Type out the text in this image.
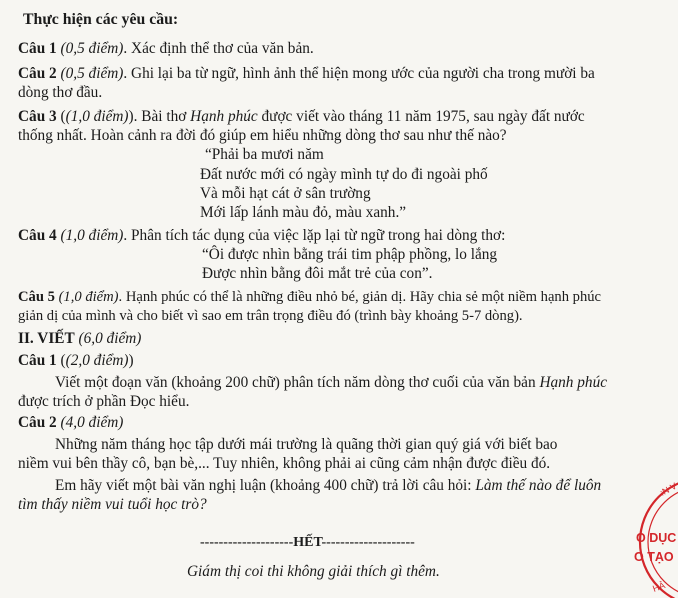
Thực hiện các yêu cầu:
Câu 1 (0,5 điểm). Xác định thể thơ của văn bản.
Câu 2 (0,5 điểm). Ghi lại ba từ ngữ, hình ảnh thể hiện mong ước của người cha trong mười ba
dòng thơ đầu.
Câu 3 ((1,0 điểm)). Bài thơ Hạnh phúc được viết vào tháng 11 năm 1975, sau ngày đất nước
thống nhất. Hoàn cảnh ra đời đó giúp em hiểu những dòng thơ sau như thế nào?
“Phải ba mươi năm
Đất nước mới có ngày mình tự do đi ngoài phố
Và mỗi hạt cát ở sân trường
Mới lấp lánh màu đỏ, màu xanh.”
Câu 4 (1,0 điểm). Phân tích tác dụng của việc lặp lại từ ngữ trong hai dòng thơ:
“Ôi được nhìn bằng trái tim phập phồng, lo lắng
Được nhìn bằng đôi mắt trẻ của con”.
Câu 5 (1,0 điểm). Hạnh phúc có thể là những điều nhỏ bé, giản dị. Hãy chia sẻ một niềm hạnh phúc
giản dị của mình và cho biết vì sao em trân trọng điều đó (trình bày khoảng 5-7 dòng).
II. VIẾT (6,0 điểm)
Câu 1 ((2,0 điểm))
Viết một đoạn văn (khoảng 200 chữ) phân tích năm dòng thơ cuối của văn bản Hạnh phúc
được trích ở phần Đọc hiểu.
Câu 2 (4,0 điểm)
Những năm tháng học tập dưới mái trường là quãng thời gian quý giá với biết bao
niềm vui bên thầy cô, bạn bè,... Tuy nhiên, không phải ai cũng cảm nhận được điều đó.
Em hãy viết một bài văn nghị luận (khoảng 400 chữ) trả lời câu hỏi: Làm thế nào để luôn
tìm thấy niềm vui tuổi học trò?
--------------------HẾT--------------------
Giám thị coi thi không giải thích gì thêm.
:N V
O DỤC
O TẠO
HẢ
